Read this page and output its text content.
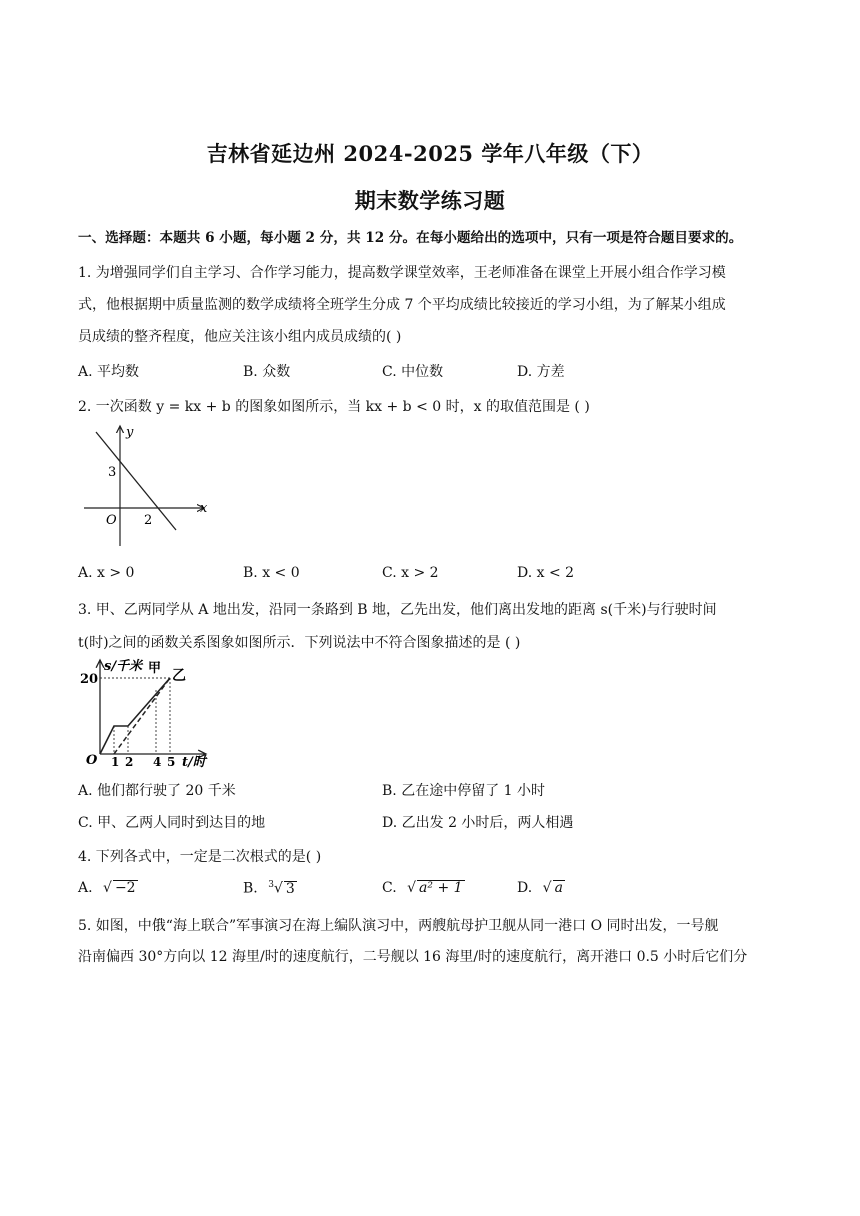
吉林省延边州 2024-2025 学年八年级（下）
期末数学练习题
一、选择题：本题共 6 小题，每小题 2 分，共 12 分。在每小题给出的选项中，只有一项是符合题目要求的。
1. 为增强同学们自主学习、合作学习能力，提高数学课堂效率，王老师准备在课堂上开展小组合作学习模
式，他根据期中质量监测的数学成绩将全班学生分成 7 个平均成绩比较接近的学习小组，为了解某小组成
员成绩的整齐程度，他应关注该小组内成员成绩的( )
A. 平均数	B. 众数	C. 中位数	D. 方差
2. 一次函数 y = kx + b 的图象如图所示，当 kx + b < 0 时，x 的取值范围是 ( )
y
x
O
3
2
A. x > 0	B. x < 0	C. x > 2	D. x < 2
3. 甲、乙两同学从 A 地出发，沿同一条路到 B 地，乙先出发，他们离出发地的距离 s(千米)与行驶时间
t(时)之间的函数关系图象如图所示．下列说法中不符合图象描述的是 ( )
s/千米 甲 乙
20
O 1 2 4 5 t/时
A. 他们都行驶了 20 千米	B. 乙在途中停留了 1 小时
C. 甲、乙两人同时到达目的地	D. 乙出发 2 小时后，两人相遇
4. 下列各式中，一定是二次根式的是( )
A. √ −2	B. $^3$√ 3	C. √ a² + 1	D. √ a
5. 如图，中俄“海上联合”军事演习在海上编队演习中，两艘航母护卫舰从同一港口 O 同时出发，一号舰
沿南偏西 30°方向以 12 海里/时的速度航行，二号舰以 16 海里/时的速度航行，离开港口 0.5 小时后它们分
